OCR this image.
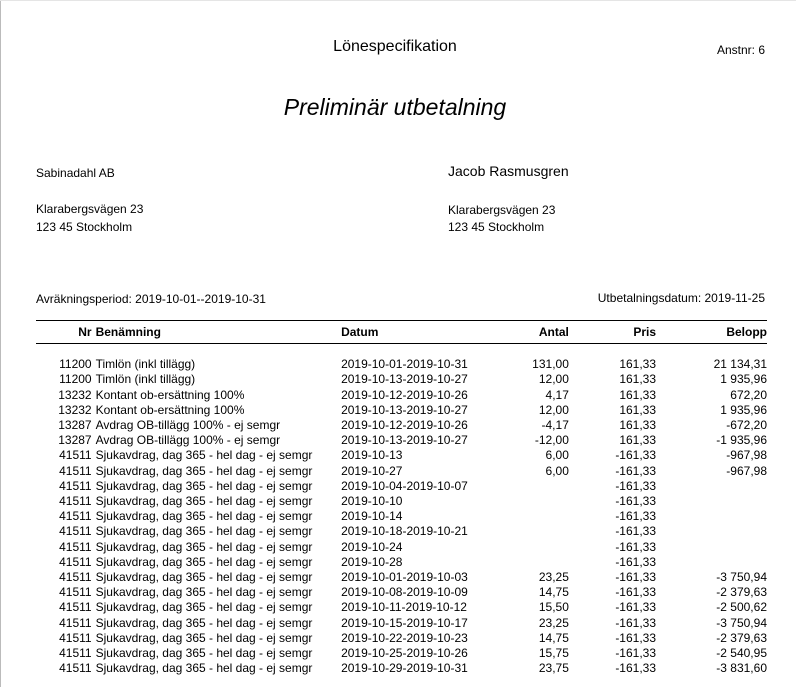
Lönespecifikation	Anstnr: 6
Preliminär utbetalning
Sabinadahl AB
Klarabergsvägen 23
123 45 Stockholm
Jacob Rasmusgren
Klarabergsvägen 23
123 45 Stockholm
Avräkningsperiod: 2019-10-01--2019-10-31	Utbetalningsdatum: 2019-11-25
Nr	Benämning	Datum	Antal	Pris	Belopp

11200	Timlön (inkl tillägg)	2019-10-01-2019-10-31	131,00	161,33	21 134,31
11200	Timlön (inkl tillägg)	2019-10-13-2019-10-27	12,00	161,33	1 935,96
13232	Kontant ob-ersättning 100%	2019-10-12-2019-10-26	4,17	161,33	672,20
13232	Kontant ob-ersättning 100%	2019-10-13-2019-10-27	12,00	161,33	1 935,96
13287	Avdrag OB-tillägg 100% - ej semgr	2019-10-12-2019-10-26	-4,17	161,33	-672,20
13287	Avdrag OB-tillägg 100% - ej semgr	2019-10-13-2019-10-27	-12,00	161,33	-1 935,96
41511	Sjukavdrag, dag 365 - hel dag - ej semgr	2019-10-13	6,00	-161,33	-967,98
41511	Sjukavdrag, dag 365 - hel dag - ej semgr	2019-10-27	6,00	-161,33	-967,98
41511	Sjukavdrag, dag 365 - hel dag - ej semgr	2019-10-04-2019-10-07		-161,33	
41511	Sjukavdrag, dag 365 - hel dag - ej semgr	2019-10-10		-161,33	
41511	Sjukavdrag, dag 365 - hel dag - ej semgr	2019-10-14		-161,33	
41511	Sjukavdrag, dag 365 - hel dag - ej semgr	2019-10-18-2019-10-21		-161,33	
41511	Sjukavdrag, dag 365 - hel dag - ej semgr	2019-10-24		-161,33	
41511	Sjukavdrag, dag 365 - hel dag - ej semgr	2019-10-28		-161,33	
41511	Sjukavdrag, dag 365 - hel dag - ej semgr	2019-10-01-2019-10-03	23,25	-161,33	-3 750,94
41511	Sjukavdrag, dag 365 - hel dag - ej semgr	2019-10-08-2019-10-09	14,75	-161,33	-2 379,63
41511	Sjukavdrag, dag 365 - hel dag - ej semgr	2019-10-11-2019-10-12	15,50	-161,33	-2 500,62
41511	Sjukavdrag, dag 365 - hel dag - ej semgr	2019-10-15-2019-10-17	23,25	-161,33	-3 750,94
41511	Sjukavdrag, dag 365 - hel dag - ej semgr	2019-10-22-2019-10-23	14,75	-161,33	-2 379,63
41511	Sjukavdrag, dag 365 - hel dag - ej semgr	2019-10-25-2019-10-26	15,75	-161,33	-2 540,95
41511	Sjukavdrag, dag 365 - hel dag - ej semgr	2019-10-29-2019-10-31	23,75	-161,33	-3 831,60
